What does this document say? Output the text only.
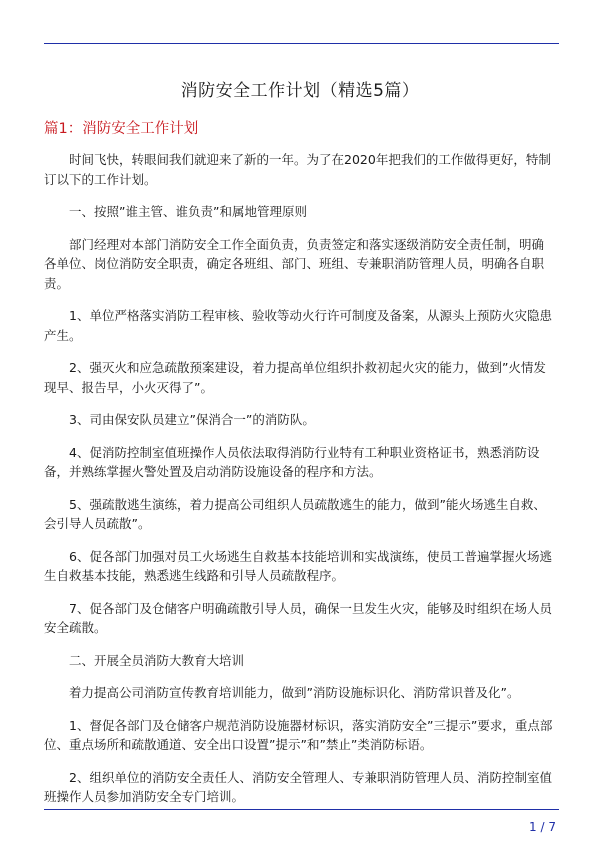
消防安全工作计划（精选5篇）
篇1：消防安全工作计划

时间飞快，转眼间我们就迎来了新的一年。为了在2020年把我们的工作做得更好，特制订以下的工作计划。

一、按照”谁主管、谁负责”和属地管理原则

部门经理对本部门消防安全工作全面负责，负责签定和落实逐级消防安全责任制，明确各单位、岗位消防安全职责，确定各班组、部门、班组、专兼职消防管理人员，明确各自职责。

1、单位严格落实消防工程审核、验收等动火行许可制度及备案，从源头上预防火灾隐患产生。

2、强灭火和应急疏散预案建设，着力提高单位组织扑救初起火灾的能力，做到”火情发现早、报告早，小火灭得了”。

3、司由保安队员建立”保消合一”的消防队。

4、促消防控制室值班操作人员依法取得消防行业特有工种职业资格证书，熟悉消防设备，并熟练掌握火警处置及启动消防设施设备的程序和方法。

5、强疏散逃生演练，着力提高公司组织人员疏散逃生的能力，做到”能火场逃生自救、会引导人员疏散”。

6、促各部门加强对员工火场逃生自救基本技能培训和实战演练，使员工普遍掌握火场逃生自救基本技能，熟悉逃生线路和引导人员疏散程序。

7、促各部门及仓储客户明确疏散引导人员，确保一旦发生火灾，能够及时组织在场人员安全疏散。

二、开展全员消防大教育大培训

着力提高公司消防宣传教育培训能力，做到”消防设施标识化、消防常识普及化”。

1、督促各部门及仓储客户规范消防设施器材标识，落实消防安全”三提示”要求，重点部位、重点场所和疏散通道、安全出口设置”提示”和”禁止”类消防标语。

2、组织单位的消防安全责任人、消防安全管理人、专兼职消防管理人员、消防控制室值班操作人员参加消防安全专门培训。

1 / 7
